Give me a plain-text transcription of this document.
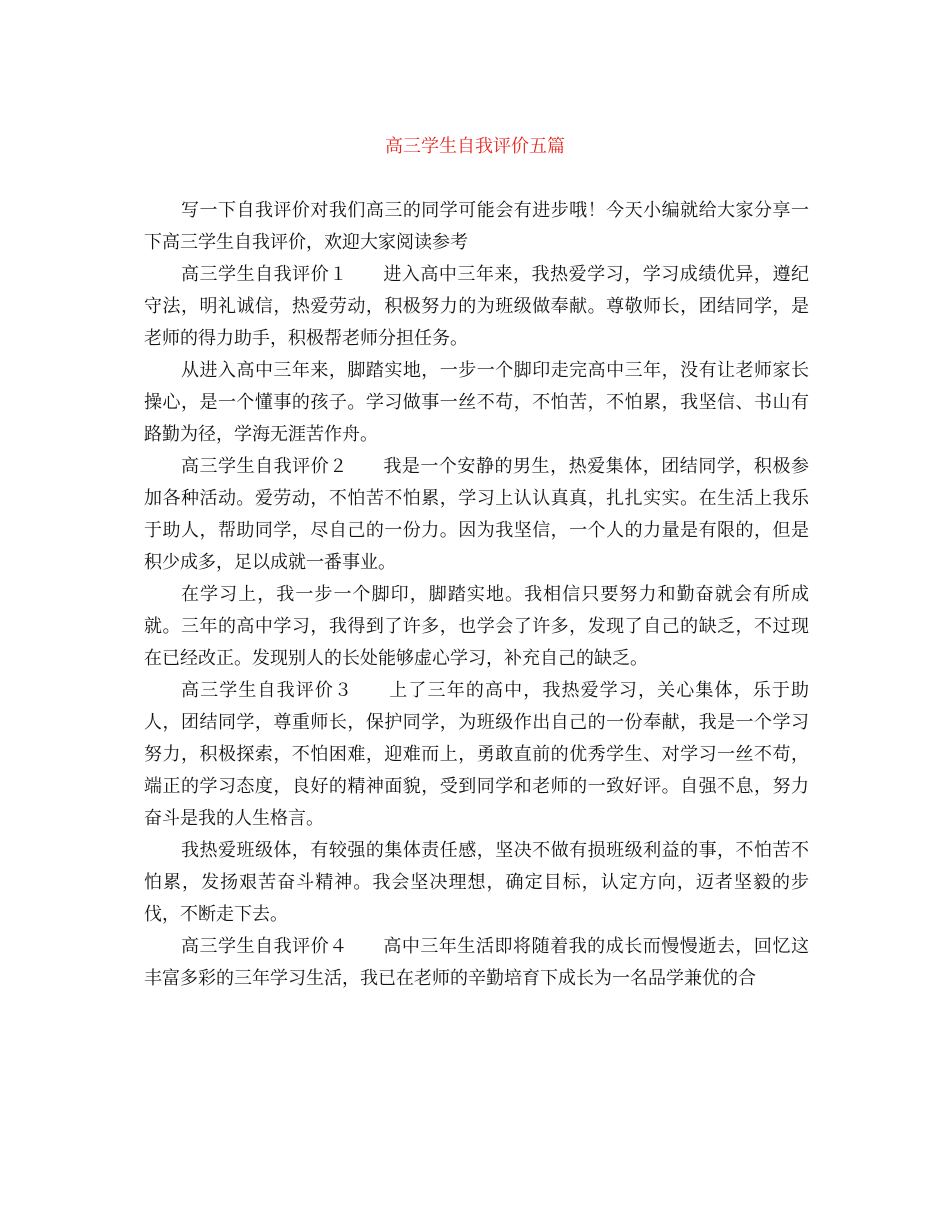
高三学生自我评价五篇

写一下自我评价对我们高三的同学可能会有进步哦！今天小编就给大家分享一下高三学生自我评价，欢迎大家阅读参考

高三学生自我评价１ 进入高中三年来，我热爱学习，学习成绩优异，遵纪守法，明礼诚信，热爱劳动，积极努力的为班级做奉献。尊敬师长，团结同学，是老师的得力助手，积极帮老师分担任务。

从进入高中三年来，脚踏实地，一步一个脚印走完高中三年，没有让老师家长操心，是一个懂事的孩子。学习做事一丝不苟，不怕苦，不怕累，我坚信、书山有路勤为径，学海无涯苦作舟。

高三学生自我评价２ 我是一个安静的男生，热爱集体，团结同学，积极参加各种活动。爱劳动，不怕苦不怕累，学习上认认真真，扎扎实实。在生活上我乐于助人，帮助同学，尽自己的一份力。因为我坚信，一个人的力量是有限的，但是积少成多，足以成就一番事业。

在学习上，我一步一个脚印，脚踏实地。我相信只要努力和勤奋就会有所成就。三年的高中学习，我得到了许多，也学会了许多，发现了自己的缺乏，不过现在已经改正。发现别人的长处能够虚心学习，补充自己的缺乏。

高三学生自我评价３ 上了三年的高中，我热爱学习，关心集体，乐于助人，团结同学，尊重师长，保护同学，为班级作出自己的一份奉献，我是一个学习努力，积极探索，不怕困难，迎难而上，勇敢直前的优秀学生、对学习一丝不苟，端正的学习态度，良好的精神面貌，受到同学和老师的一致好评。自强不息，努力奋斗是我的人生格言。

我热爱班级体，有较强的集体责任感，坚决不做有损班级利益的事，不怕苦不怕累，发扬艰苦奋斗精神。我会坚决理想，确定目标，认定方向，迈者坚毅的步伐，不断走下去。

高三学生自我评价４ 高中三年生活即将随着我的成长而慢慢逝去，回忆这丰富多彩的三年学习生活，我已在老师的辛勤培育下成长为一名品学兼优的合
